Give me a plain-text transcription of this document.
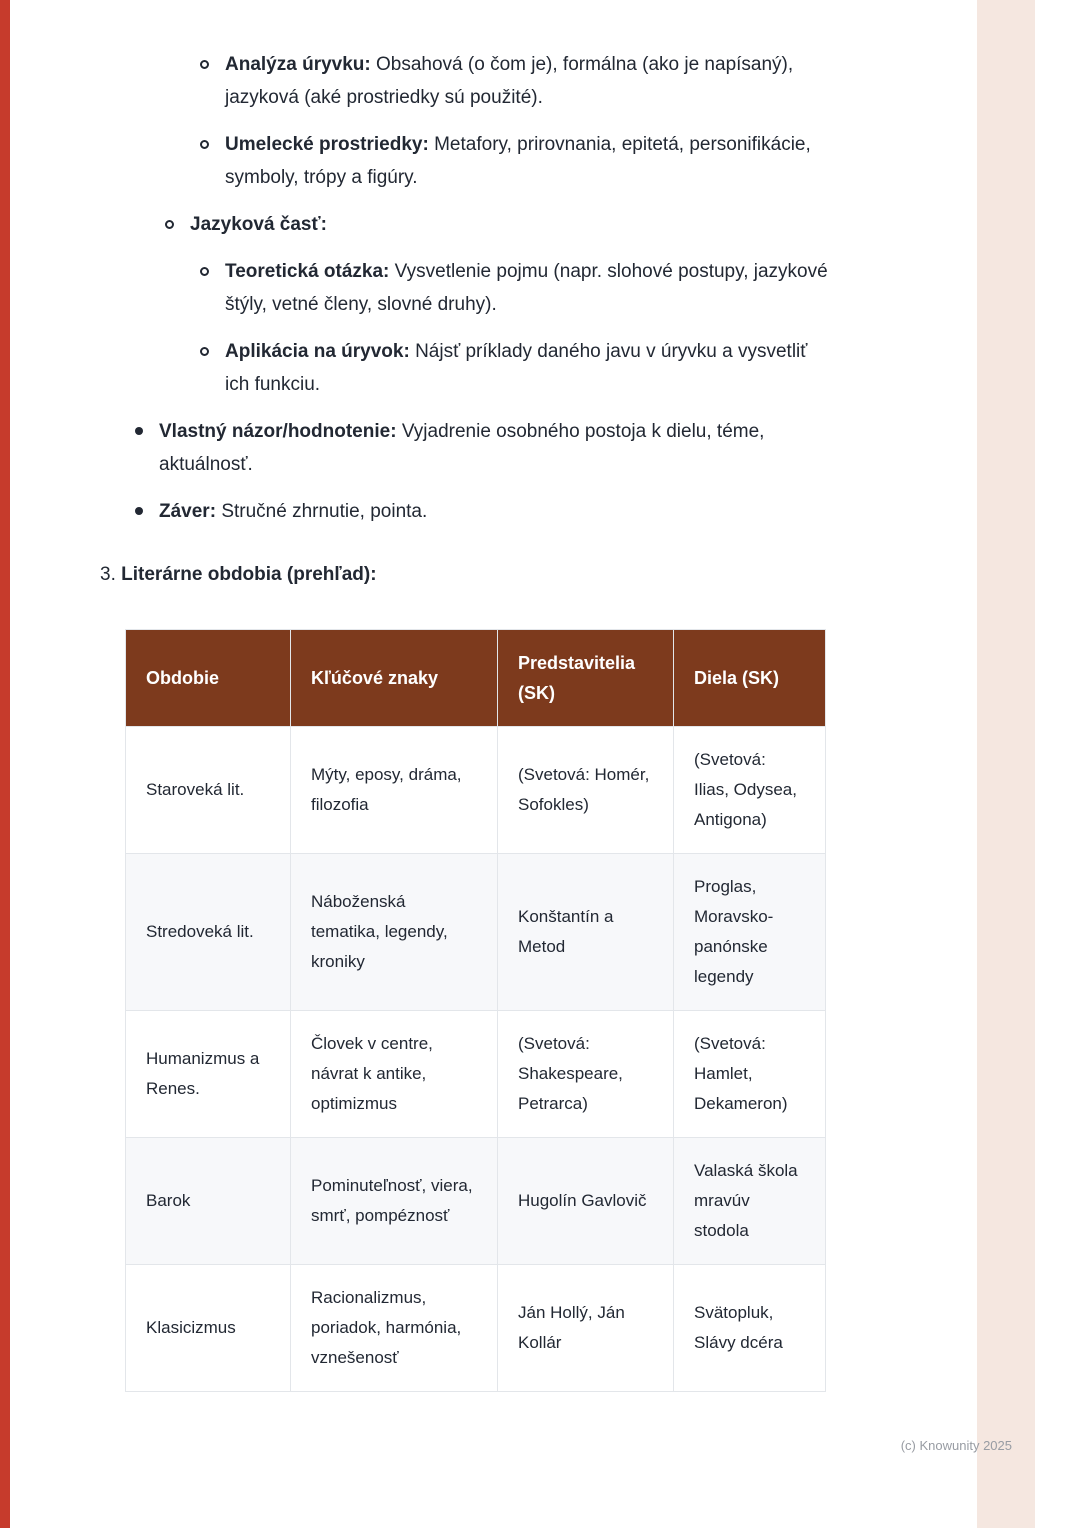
Analýza úryvku: Obsahová (o čom je), formálna (ako je napísaný), jazyková (aké prostriedky sú použité).

Umelecké prostriedky: Metafory, prirovnania, epitetá, personifikácie, symboly, trópy a figúry.

Jazyková časť:

Teoretická otázka: Vysvetlenie pojmu (napr. slohové postupy, jazykové štýly, vetné členy, slovné druhy).

Aplikácia na úryvok: Nájsť príklady daného javu v úryvku a vysvetliť ich funkciu.

Vlastný názor/hodnotenie: Vyjadrenie osobného postoja k dielu, téme, aktuálnosť.

Záver: Stručné zhrnutie, pointa.

3. Literárne obdobia (prehľad):

Obdobie	Kľúčové znaky	Predstavitelia (SK)	Diela (SK)
Staroveká lit.	Mýty, eposy, dráma, filozofia	(Svetová: Homér, Sofokles)	(Svetová: Ilias, Odysea, Antigona)
Stredoveká lit.	Náboženská tematika, legendy, kroniky	Konštantín a Metod	Proglas, Moravsko-panónske legendy
Humanizmus a Renes.	Človek v centre, návrat k antike, optimizmus	(Svetová: Shakespeare, Petrarca)	(Svetová: Hamlet, Dekameron)
Barok	Pominuteľnosť, viera, smrť, pompéznosť	Hugolín Gavlovič	Valaská škola mravúv stodola
Klasicizmus	Racionalizmus, poriadok, harmónia, vznešenosť	Ján Hollý, Ján Kollár	Svätopluk, Slávy dcéra
(c) Knowunity 2025
